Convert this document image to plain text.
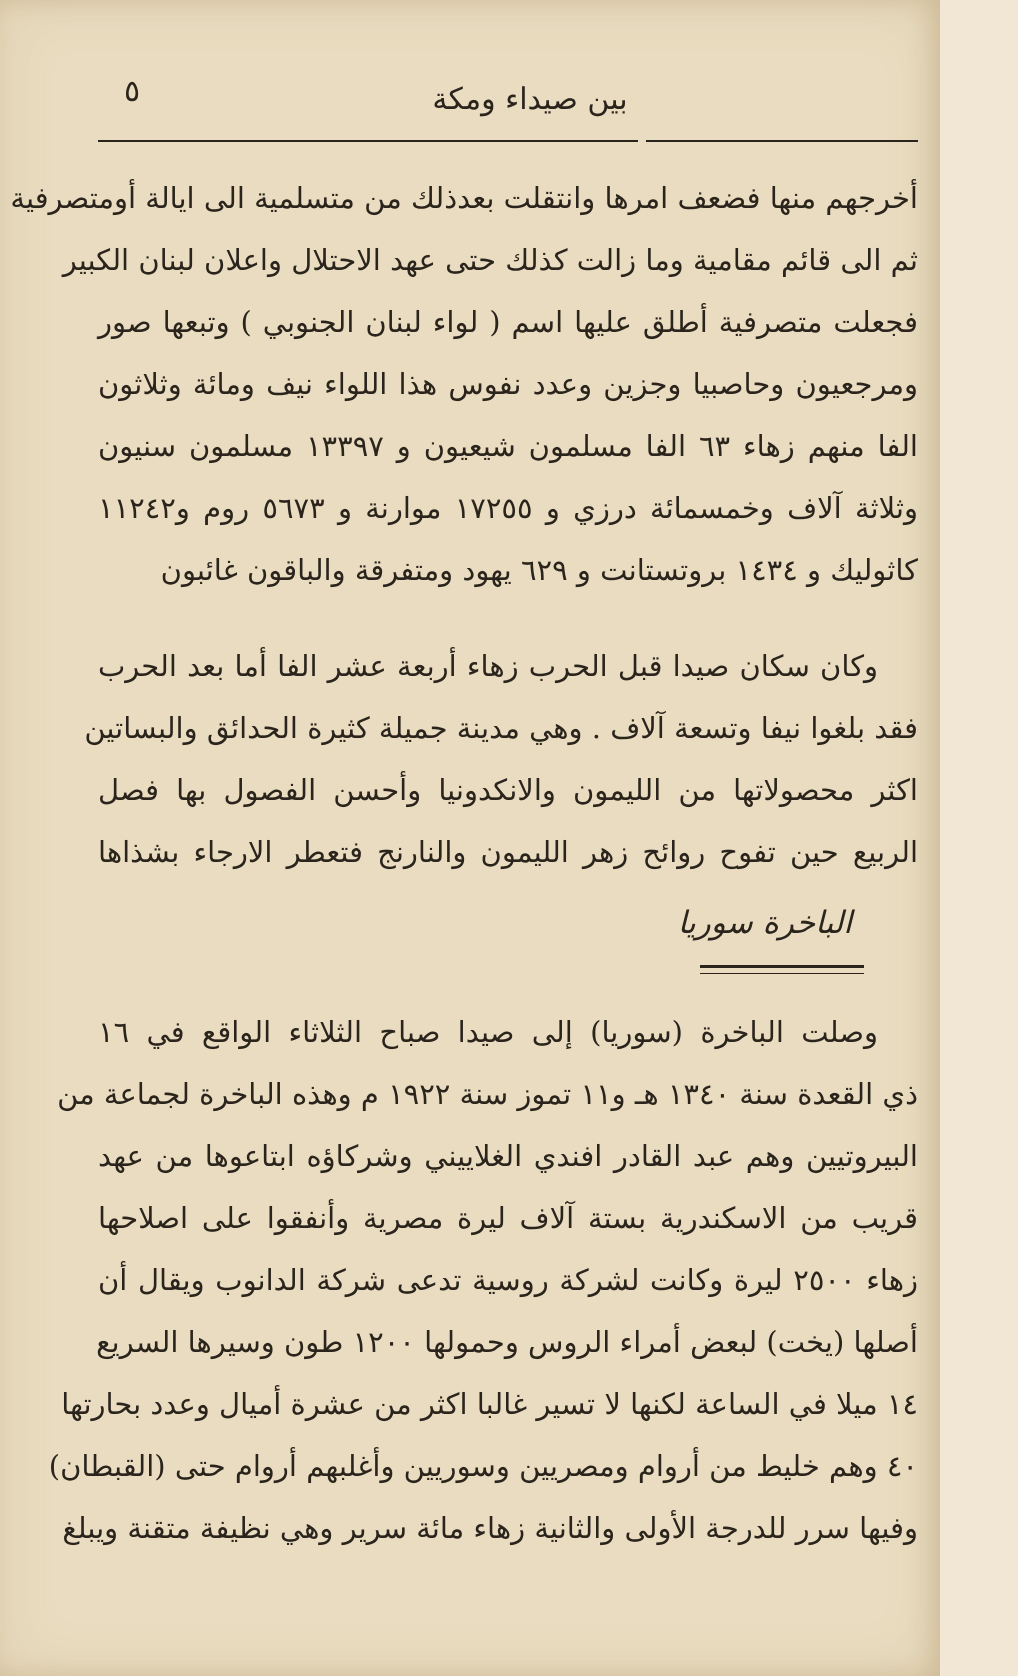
٥	بين صيداء ومكة
أخرجهم منها فضعف امرها وانتقلت بعدذلك من متسلمية الى ايالة أومتصرفية
ثم الى قائم مقامية وما زالت كذلك حتى عهد الاحتلال واعلان لبنان الكبير
فجعلت متصرفية أطلق عليها اسم ( لواء لبنان الجنوبي ) وتبعها صور
ومرجعيون وحاصبيا وجزين وعدد نفوس هذا اللواء نيف ومائة وثلاثون
الفا منهم زهاء ٦٣ الفا مسلمون شيعيون و ١٣٣٩٧ مسلمون سنيون
وثلاثة آلاف وخمسمائة درزي و ١٧٢٥٥ موارنة و ٥٦٧٣ روم و١١٢٤٢
كاثوليك و ١٤٣٤ بروتستانت و ٦٢٩ يهود ومتفرقة والباقون غائبون
وكان سكان صيدا قبل الحرب زهاء أربعة عشر الفا أما بعد الحرب
فقد بلغوا نيفا وتسعة آلاف . وهي مدينة جميلة كثيرة الحدائق والبساتين
اكثر محصولاتها من الليمون والانكدونيا وأحسن الفصول بها فصل
الربيع حين تفوح روائح زهر الليمون والنارنج فتعطر الارجاء بشذاها
الباخرة سوريا
وصلت الباخرة (سوريا) إلى صيدا صباح الثلاثاء الواقع في ١٦
ذي القعدة سنة ١٣٤٠ هـ و١١ تموز سنة ١٩٢٢ م وهذه الباخرة لجماعة من
البيروتيين وهم عبد القادر افندي الغلاييني وشركاؤه ابتاعوها من عهد
قريب من الاسكندرية بستة آلاف ليرة مصرية وأنفقوا على اصلاحها
زهاء ٢٥٠٠ ليرة وكانت لشركة روسية تدعى شركة الدانوب ويقال أن
أصلها (يخت) لبعض أمراء الروس وحمولها ١٢٠٠ طون وسيرها السريع
١٤ ميلا في الساعة لكنها لا تسير غالبا اكثر من عشرة أميال وعدد بحارتها
٤٠ وهم خليط من أروام ومصريين وسوريين وأغلبهم أروام حتى (القبطان)
وفيها سرر للدرجة الأولى والثانية زهاء مائة سرير وهي نظيفة متقنة ويبلغ
